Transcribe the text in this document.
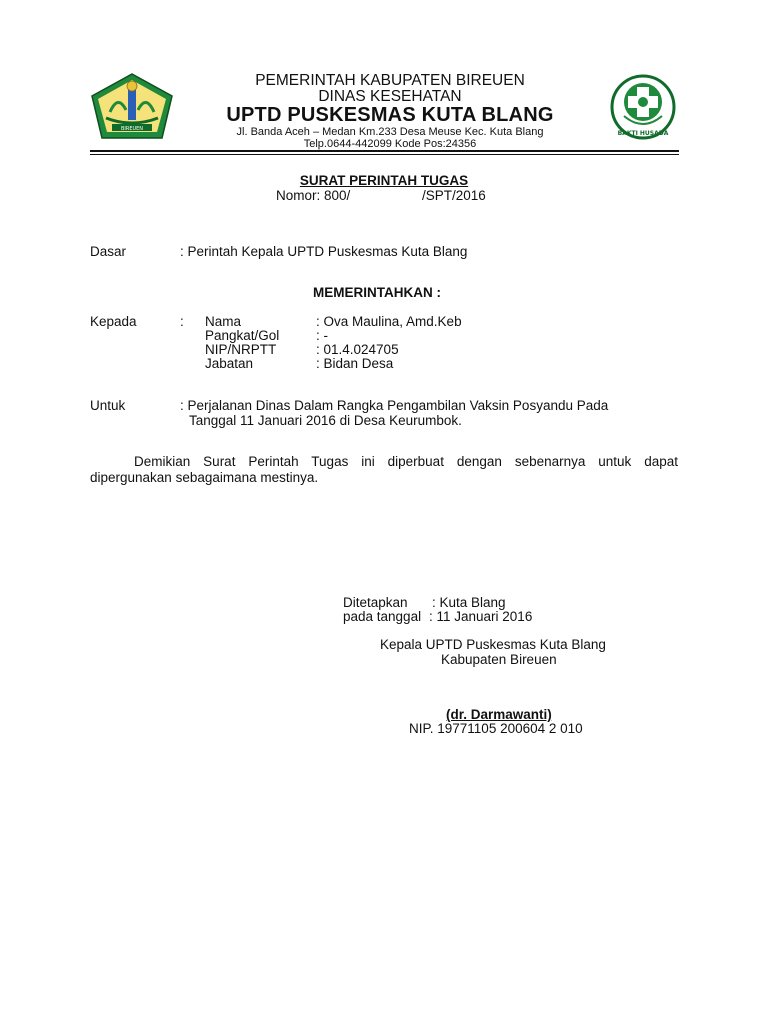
BIREUEN
BAKTI HUSADA
PEMERINTAH KABUPATEN BIREUEN
DINAS KESEHATAN
UPTD PUSKESMAS KUTA BLANG
Jl. Banda Aceh – Medan Km.233 Desa Meuse Kec. Kuta Blang
Telp.0644-442099 Kode Pos:24356
SURAT PERINTAH TUGAS
Nomor: 800/	/SPT/2016
Dasar	: Perintah Kepala UPTD Puskesmas Kuta Blang
MEMERINTAHKAN :
Kepada	: Nama	: Ova Maulina, Amd.Keb
Pangkat/Gol	: -
NIP/NRPTT	: 01.4.024705
Jabatan	: Bidan Desa
Untuk	: Perjalanan Dinas Dalam Rangka Pengambilan Vaksin Posyandu Pada
Tanggal 11 Januari 2016 di Desa Keurumbok.
Demikian Surat Perintah Tugas ini diperbuat dengan sebenarnya untuk dapat dipergunakan sebagaimana mestinya.
Ditetapkan : Kuta Blang
pada tanggal : 11 Januari 2016
Kepala UPTD Puskesmas Kuta Blang
Kabupaten Bireuen
(dr. Darmawanti)
NIP. 19771105 200604 2 010
